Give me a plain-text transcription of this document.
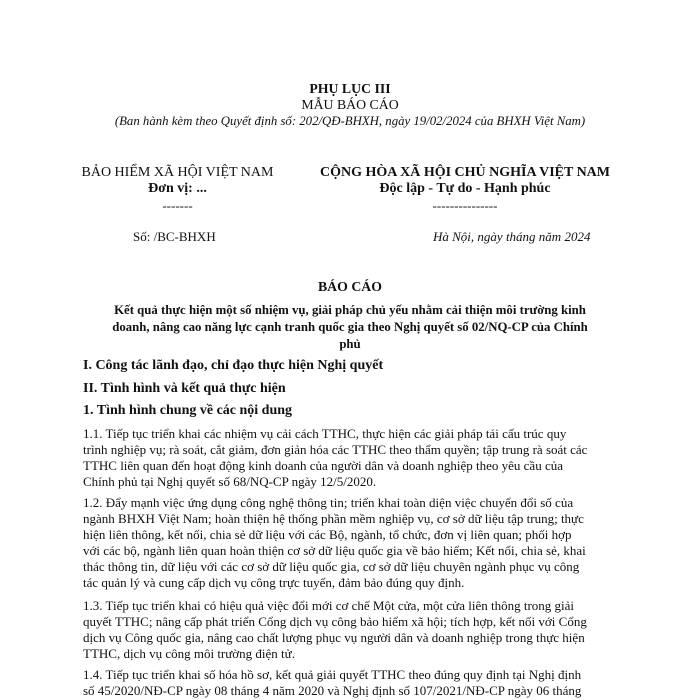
PHỤ LỤC III
MẪU BÁO CÁO
(Ban hành kèm theo Quyết định số: 202/QĐ-BHXH, ngày 19/02/2024 của BHXH Việt Nam)
BẢO HIỂM XÃ HỘI VIỆT NAM
Đơn vị: ...
-------
Số: /BC-BHXH
CỘNG HÒA XÃ HỘI CHỦ NGHĨA VIỆT NAM
Độc lập - Tự do - Hạnh phúc
---------------
Hà Nội, ngày tháng năm 2024
BÁO CÁO
Kết quả thực hiện một số nhiệm vụ, giải pháp chủ yếu nhằm cải thiện môi trường kinh
doanh, nâng cao năng lực cạnh tranh quốc gia theo Nghị quyết số 02/NQ-CP của Chính
phủ
I. Công tác lãnh đạo, chỉ đạo thực hiện Nghị quyết
II. Tình hình và kết quả thực hiện
1. Tình hình chung về các nội dung
1.1. Tiếp tục triển khai các nhiệm vụ cải cách TTHC, thực hiện các giải pháp tái cấu trúc quy
trình nghiệp vụ; rà soát, cắt giảm, đơn giản hóa các TTHC theo thẩm quyền; tập trung rà soát các
TTHC liên quan đến hoạt động kinh doanh của người dân và doanh nghiệp theo yêu cầu của
Chính phủ tại Nghị quyết số 68/NQ-CP ngày 12/5/2020.
1.2. Đẩy mạnh việc ứng dụng công nghệ thông tin; triển khai toàn diện việc chuyển đổi số của
ngành BHXH Việt Nam; hoàn thiện hệ thống phần mềm nghiệp vụ, cơ sở dữ liệu tập trung; thực
hiện liên thông, kết nối, chia sẻ dữ liệu với các Bộ, ngành, tổ chức, đơn vị liên quan; phối hợp
với các bộ, ngành liên quan hoàn thiện cơ sở dữ liệu quốc gia về bảo hiểm; Kết nối, chia sẻ, khai
thác thông tin, dữ liệu với các cơ sở dữ liệu quốc gia, cơ sở dữ liệu chuyên ngành phục vụ công
tác quản lý và cung cấp dịch vụ công trực tuyến, đảm bảo đúng quy định.
1.3. Tiếp tục triển khai có hiệu quả việc đổi mới cơ chế Một cửa, một cửa liên thông trong giải
quyết TTHC; nâng cấp phát triển Cổng dịch vụ công bảo hiểm xã hội; tích hợp, kết nối với Cổng
dịch vụ Công quốc gia, nâng cao chất lượng phục vụ người dân và doanh nghiệp trong thực hiện
TTHC, dịch vụ công môi trường điện tử.
1.4. Tiếp tục triển khai số hóa hồ sơ, kết quả giải quyết TTHC theo đúng quy định tại Nghị định
số 45/2020/NĐ-CP ngày 08 tháng 4 năm 2020 và Nghị định số 107/2021/NĐ-CP ngày 06 tháng
